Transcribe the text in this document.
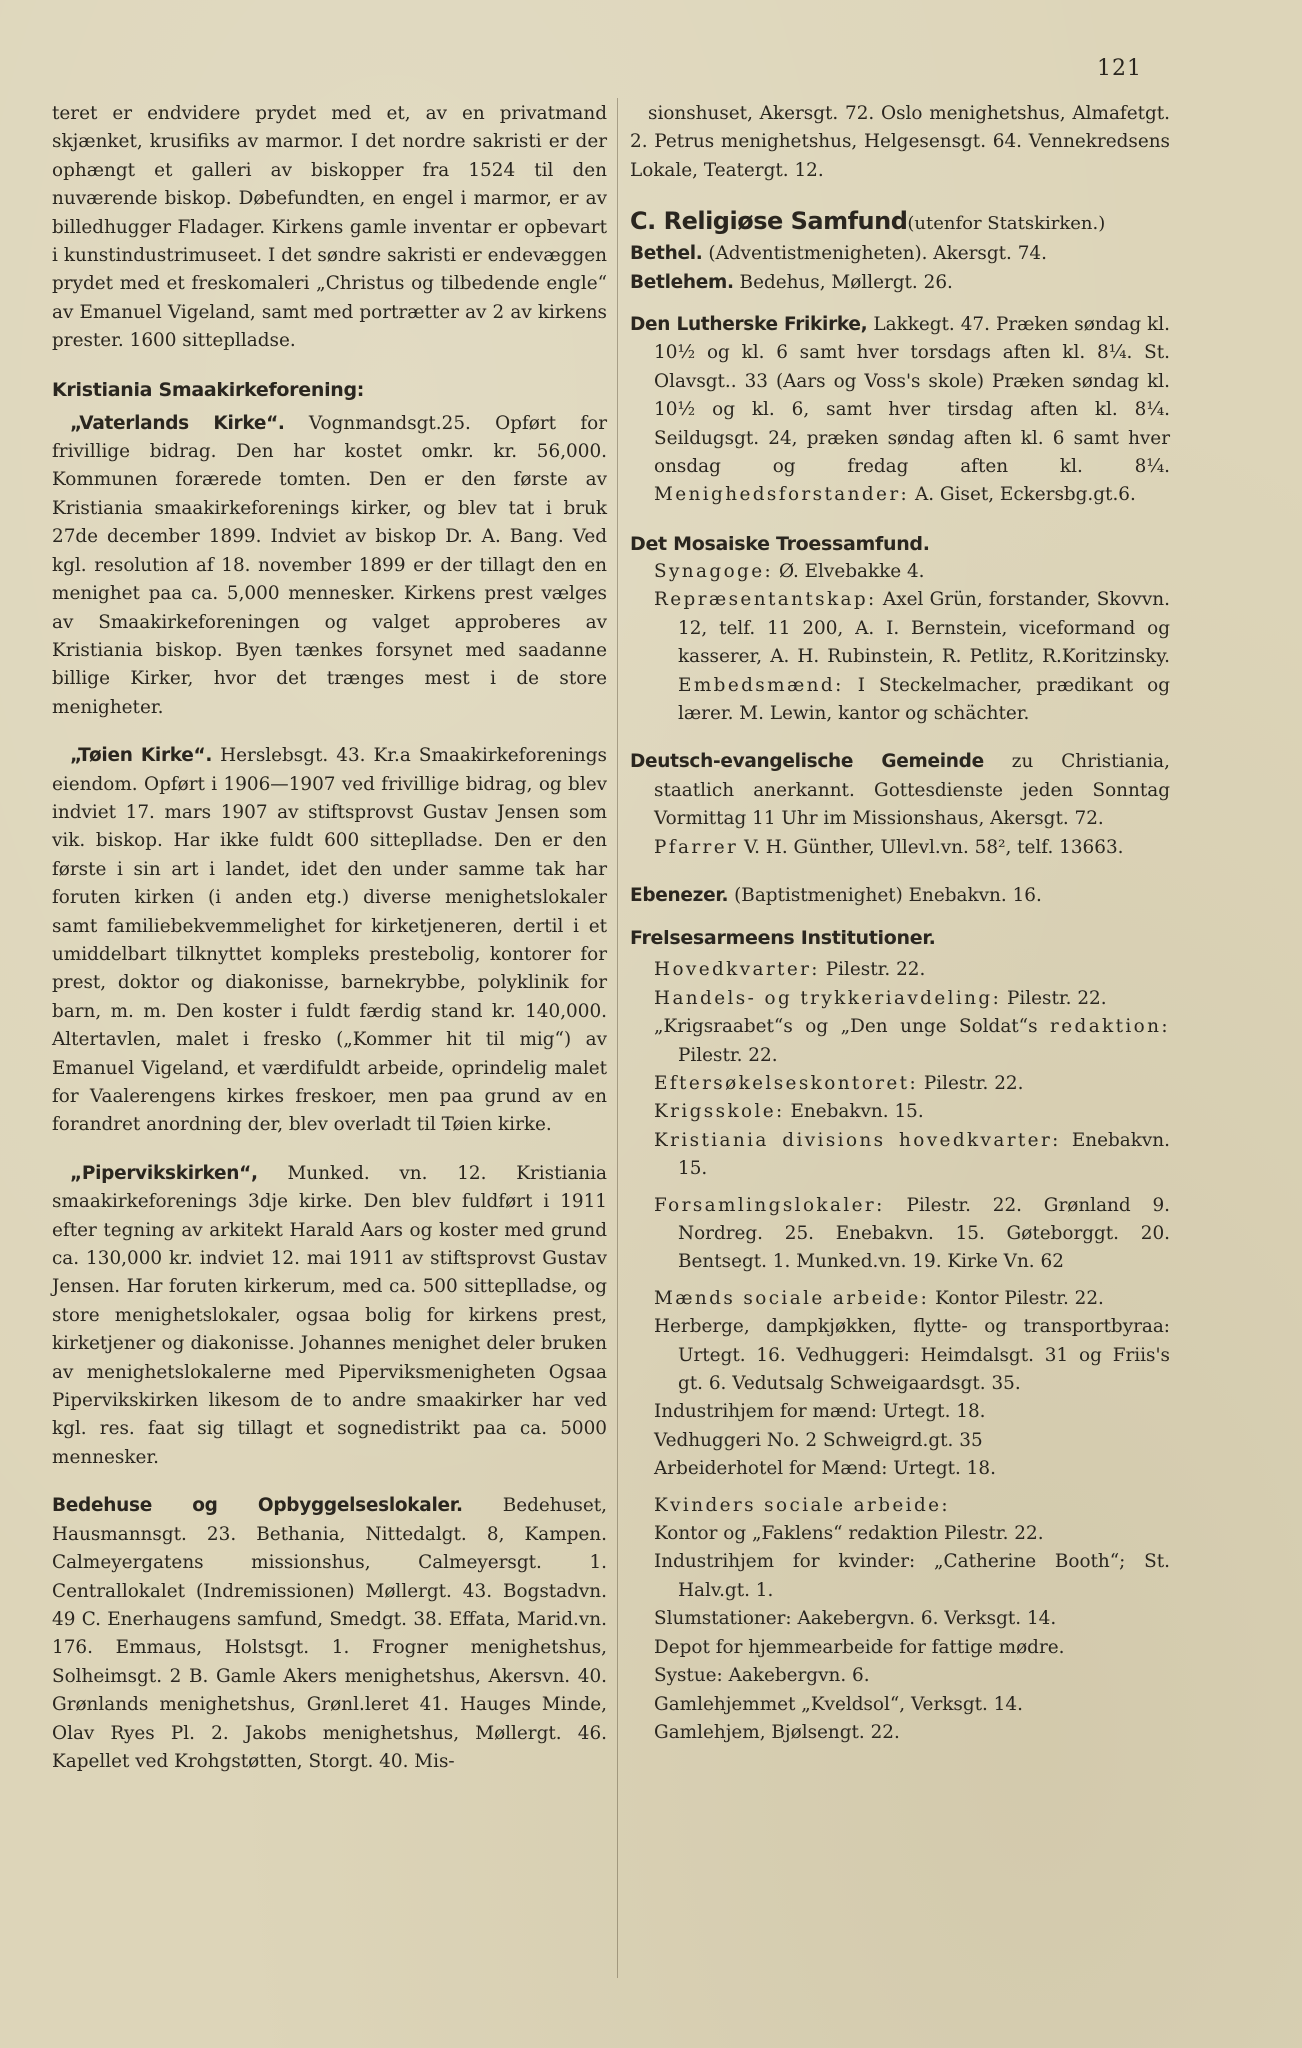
121

teret er endvidere prydet med et, av en privatmand skjænket, krusifiks av marmor. I det nordre sakristi er der ophængt et galleri av biskopper fra 1524 til den nuværende biskop. Døbefundten, en engel i marmor, er av billedhugger Fladager. Kirkens gamle inventar er opbevart i kunstindustrimuseet. I det søndre sakristi er endevæggen prydet med et freskomaleri „Christus og tilbedende engle“ av Emanuel Vigeland, samt med portrætter av 2 av kirkens prester. 1600 sitteplladse.

Kristiania Smaakirkeforening:

„Vaterlands Kirke“. Vognmandsgt.25. Opført for frivillige bidrag. Den har kostet omkr. kr. 56,000. Kommunen forærede tomten. Den er den første av Kristiania smaakirkeforenings kirker, og blev tat i bruk 27de december 1899. Indviet av biskop Dr. A. Bang. Ved kgl. resolution af 18. november 1899 er der tillagt den en menighet paa ca. 5,000 mennesker. Kirkens prest vælges av Smaakirkeforeningen og valget approberes av Kristiania biskop. Byen tænkes forsynet med saadanne billige Kirker, hvor det trænges mest i de store menigheter.

„Tøien Kirke“. Herslebsgt. 43. Kr.a Smaakirkeforenings eiendom. Opført i 1906—1907 ved frivillige bidrag, og blev indviet 17. mars 1907 av stiftsprovst Gustav Jensen som vik. biskop. Har ikke fuldt 600 sitteplladse. Den er den første i sin art i landet, idet den under samme tak har foruten kirken (i anden etg.) diverse menighetslokaler samt familiebekvemmelighet for kirketjeneren, dertil i et umiddelbart tilknyttet kompleks prestebolig, kontorer for prest, doktor og diakonisse, barnekrybbe, polyklinik for barn, m. m. Den koster i fuldt færdig stand kr. 140,000. Altertavlen, malet i fresko („Kommer hit til mig“) av Emanuel Vigeland, et værdifuldt arbeide, oprindelig malet for Vaalerengens kirkes freskoer, men paa grund av en forandret anordning der, blev overladt til Tøien kirke.

„Pipervikskirken“, Munked. vn. 12. Kristiania smaakirkeforenings 3dje kirke. Den blev fuldført i 1911 efter tegning av arkitekt Harald Aars og koster med grund ca. 130,000 kr. indviet 12. mai 1911 av stiftsprovst Gustav Jensen. Har foruten kirkerum, med ca. 500 sitteplladse, og store menighetslokaler, ogsaa bolig for kirkens prest, kirketjener og diakonisse. Johannes menighet deler bruken av menighetslokalerne med Piperviksmenigheten Ogsaa Pipervikskirken likesom de to andre smaakirker har ved kgl. res. faat sig tillagt et sognedistrikt paa ca. 5000 mennesker.

Bedehuse og Opbyggelseslokaler. Bedehuset, Hausmannsgt. 23. Bethania, Nittedalgt. 8, Kampen. Calmeyergatens missionshus, Calmeyersgt. 1. Centrallokalet (Indremissionen) Møllergt. 43. Bogstadvn. 49 C. Enerhaugens samfund, Smedgt. 38. Effata, Marid.vn. 176. Emmaus, Holstsgt. 1. Frogner menighetshus, Solheimsgt. 2 B. Gamle Akers menighetshus, Akersvn. 40. Grønlands menighetshus, Grønl.leret 41. Hauges Minde, Olav Ryes Pl. 2. Jakobs menighetshus, Møllergt. 46. Kapellet ved Krohgstøtten, Storgt. 40. Mis-

sionshuset, Akersgt. 72. Oslo menighetshus, Almafetgt. 2. Petrus menighetshus, Helgesensgt. 64. Vennekredsens Lokale, Teatergt. 12.

C. Religiøse Samfund(utenfor Statskirken.)

Bethel. (Adventistmenigheten). Akersgt. 74.

Betlehem. Bedehus, Møllergt. 26.

Den Lutherske Frikirke, Lakkegt. 47. Præken søndag kl. 10½ og kl. 6 samt hver torsdags aften kl. 8¼. St. Olavsgt.. 33 (Aars og Voss's skole) Præken søndag kl. 10½ og kl. 6, samt hver tirsdag aften kl. 8¼. Seildugsgt. 24, præken søndag aften kl. 6 samt hver onsdag og fredag aften kl. 8¼. Menighedsforstander: A. Giset, Eckersbg.gt.6.

Det Mosaiske Troessamfund.

Synagoge: Ø. Elvebakke 4.

Repræsentantskap: Axel Grün, forstander, Skovvn. 12, telf. 11 200, A. I. Bernstein, viceformand og kasserer, A. H. Rubinstein, R. Petlitz, R.Koritzinsky. Embedsmænd: I Steckelmacher, prædikant og lærer. M. Lewin, kantor og schächter.

Deutsch-evangelische Gemeinde zu Christiania, staatlich anerkannt. Gottesdienste jeden Sonntag Vormittag 11 Uhr im Missionshaus, Akersgt. 72.

Pfarrer V. H. Günther, Ullevl.vn. 58², telf. 13663.

Ebenezer. (Baptistmenighet) Enebakvn. 16.

Frelsesarmeens Institutioner.

Hovedkvarter: Pilestr. 22.

Handels- og trykkeriavdeling: Pilestr. 22.

„Krigsraabet“s og „Den unge Soldat“s redaktion: Pilestr. 22.

Eftersøkelseskontoret: Pilestr. 22.

Krigsskole: Enebakvn. 15.

Kristiania divisions hovedkvarter: Enebakvn. 15.

Forsamlingslokaler: Pilestr. 22. Grønland 9. Nordreg. 25. Enebakvn. 15. Gøteborggt. 20. Bentsegt. 1. Munked.vn. 19. Kirke Vn. 62

Mænds sociale arbeide: Kontor Pilestr. 22.

Herberge, dampkjøkken, flytte- og transportbyraa: Urtegt. 16. Vedhuggeri: Heimdalsgt. 31 og Friis's gt. 6. Vedutsalg Schweigaardsgt. 35.

Industrihjem for mænd: Urtegt. 18.

Vedhuggeri No. 2 Schweigrd.gt. 35

Arbeiderhotel for Mænd: Urtegt. 18.

Kvinders sociale arbeide:

Kontor og „Faklens“ redaktion Pilestr. 22.

Industrihjem for kvinder: „Catherine Booth“; St. Halv.gt. 1.

Slumstationer: Aakebergvn. 6. Verksgt. 14.

Depot for hjemmearbeide for fattige mødre.

Systue: Aakebergvn. 6.

Gamlehjemmet „Kveldsol“, Verksgt. 14.

Gamlehjem, Bjølsengt. 22.
